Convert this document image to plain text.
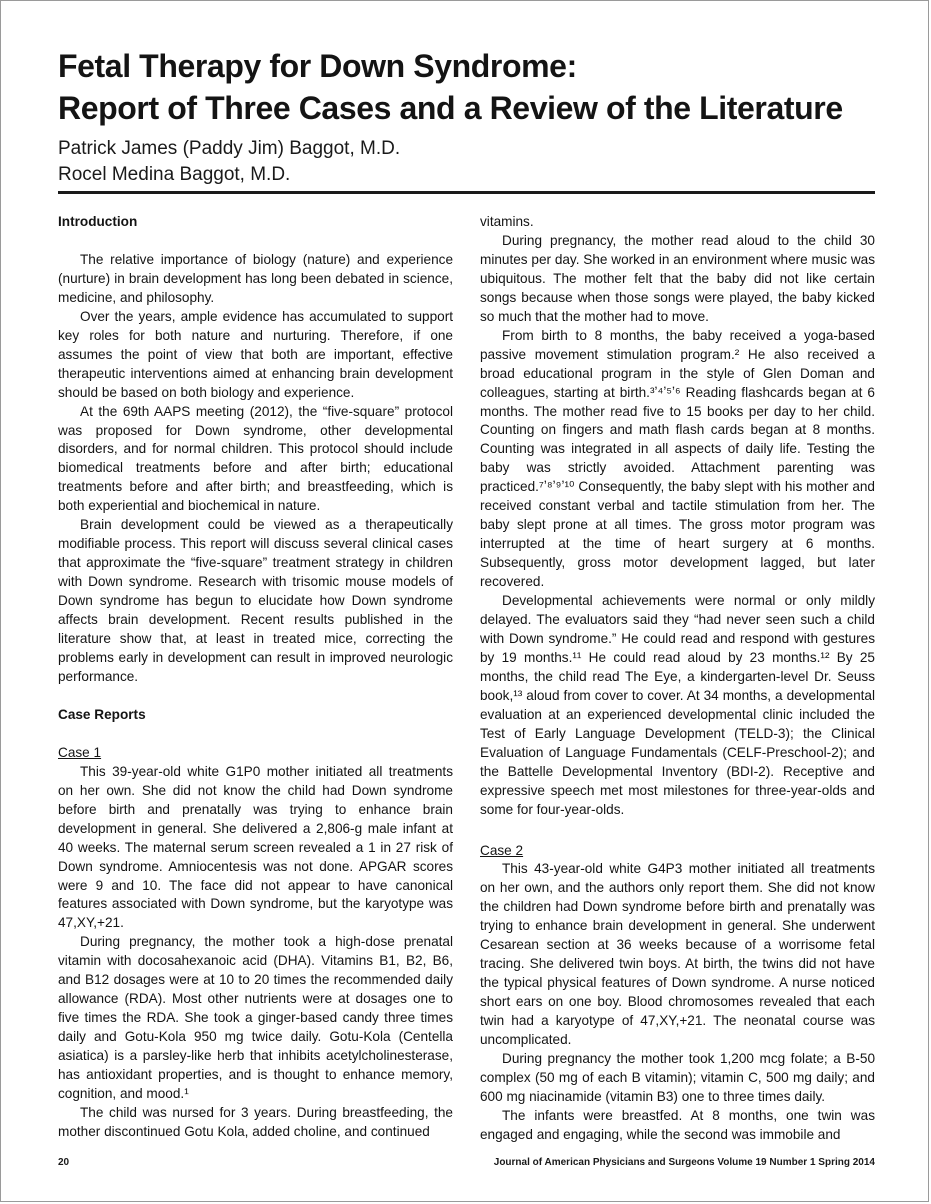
Fetal Therapy for Down Syndrome:
Report of Three Cases and a Review of the Literature
Patrick James (Paddy Jim) Baggot, M.D.
Rocel Medina Baggot, M.D.
Introduction

The relative importance of biology (nature) and experience (nurture) in brain development has long been debated in science, medicine, and philosophy.

Over the years, ample evidence has accumulated to support key roles for both nature and nurturing. Therefore, if one assumes the point of view that both are important, effective therapeutic interventions aimed at enhancing brain development should be based on both biology and experience.

At the 69th AAPS meeting (2012), the “five-square” protocol was proposed for Down syndrome, other developmental disorders, and for normal children. This protocol should include biomedical treatments before and after birth; educational treatments before and after birth; and breastfeeding, which is both experiential and biochemical in nature.

Brain development could be viewed as a therapeutically modifiable process. This report will discuss several clinical cases that approximate the “five-square” treatment strategy in children with Down syndrome. Research with trisomic mouse models of Down syndrome has begun to elucidate how Down syndrome affects brain development. Recent results published in the literature show that, at least in treated mice, correcting the problems early in development can result in improved neurologic performance.

Case Reports
Case 1

This 39-year-old white G1P0 mother initiated all treatments on her own. She did not know the child had Down syndrome before birth and prenatally was trying to enhance brain development in general. She delivered a 2,806-g male infant at 40 weeks. The maternal serum screen revealed a 1 in 27 risk of Down syndrome. Amniocentesis was not done. APGAR scores were 9 and 10. The face did not appear to have canonical features associated with Down syndrome, but the karyotype was 47,XY,+21.

During pregnancy, the mother took a high-dose prenatal vitamin with docosahexanoic acid (DHA). Vitamins B1, B2, B6, and B12 dosages were at 10 to 20 times the recommended daily allowance (RDA). Most other nutrients were at dosages one to five times the RDA. She took a ginger-based candy three times daily and Gotu-Kola 950 mg twice daily. Gotu-Kola (Centella asiatica) is a parsley-like herb that inhibits acetylcholinesterase, has antioxidant properties, and is thought to enhance memory, cognition, and mood.¹

The child was nursed for 3 years. During breastfeeding, the mother discontinued Gotu Kola, added choline, and continued

vitamins.

During pregnancy, the mother read aloud to the child 30 minutes per day. She worked in an environment where music was ubiquitous. The mother felt that the baby did not like certain songs because when those songs were played, the baby kicked so much that the mother had to move.

From birth to 8 months, the baby received a yoga-based passive movement stimulation program.² He also received a broad educational program in the style of Glen Doman and colleagues, starting at birth.³ʼ⁴ʼ⁵ʼ⁶ Reading flashcards began at 6 months. The mother read five to 15 books per day to her child. Counting on fingers and math flash cards began at 8 months. Counting was integrated in all aspects of daily life. Testing the baby was strictly avoided. Attachment parenting was practiced.⁷ʼ⁸ʼ⁹ʼ¹⁰ Consequently, the baby slept with his mother and received constant verbal and tactile stimulation from her. The baby slept prone at all times. The gross motor program was interrupted at the time of heart surgery at 6 months. Subsequently, gross motor development lagged, but later recovered.

Developmental achievements were normal or only mildly delayed. The evaluators said they “had never seen such a child with Down syndrome.” He could read and respond with gestures by 19 months.¹¹ He could read aloud by 23 months.¹² By 25 months, the child read The Eye, a kindergarten-level Dr. Seuss book,¹³ aloud from cover to cover. At 34 months, a developmental evaluation at an experienced developmental clinic included the Test of Early Language Development (TELD-3); the Clinical Evaluation of Language Fundamentals (CELF-Preschool-2); and the Battelle Developmental Inventory (BDI-2). Receptive and expressive speech met most milestones for three-year-olds and some for four-year-olds.

Case 2

This 43-year-old white G4P3 mother initiated all treatments on her own, and the authors only report them. She did not know the children had Down syndrome before birth and prenatally was trying to enhance brain development in general. She underwent Cesarean section at 36 weeks because of a worrisome fetal tracing. She delivered twin boys. At birth, the twins did not have the typical physical features of Down syndrome. A nurse noticed short ears on one boy. Blood chromosomes revealed that each twin had a karyotype of 47,XY,+21. The neonatal course was uncomplicated.

During pregnancy the mother took 1,200 mcg folate; a B-50 complex (50 mg of each B vitamin); vitamin C, 500 mg daily; and 600 mg niacinamide (vitamin B3) one to three times daily.

The infants were breastfed. At 8 months, one twin was engaged and engaging, while the second was immobile and

20	Journal of American Physicians and Surgeons Volume 19 Number 1 Spring 2014
